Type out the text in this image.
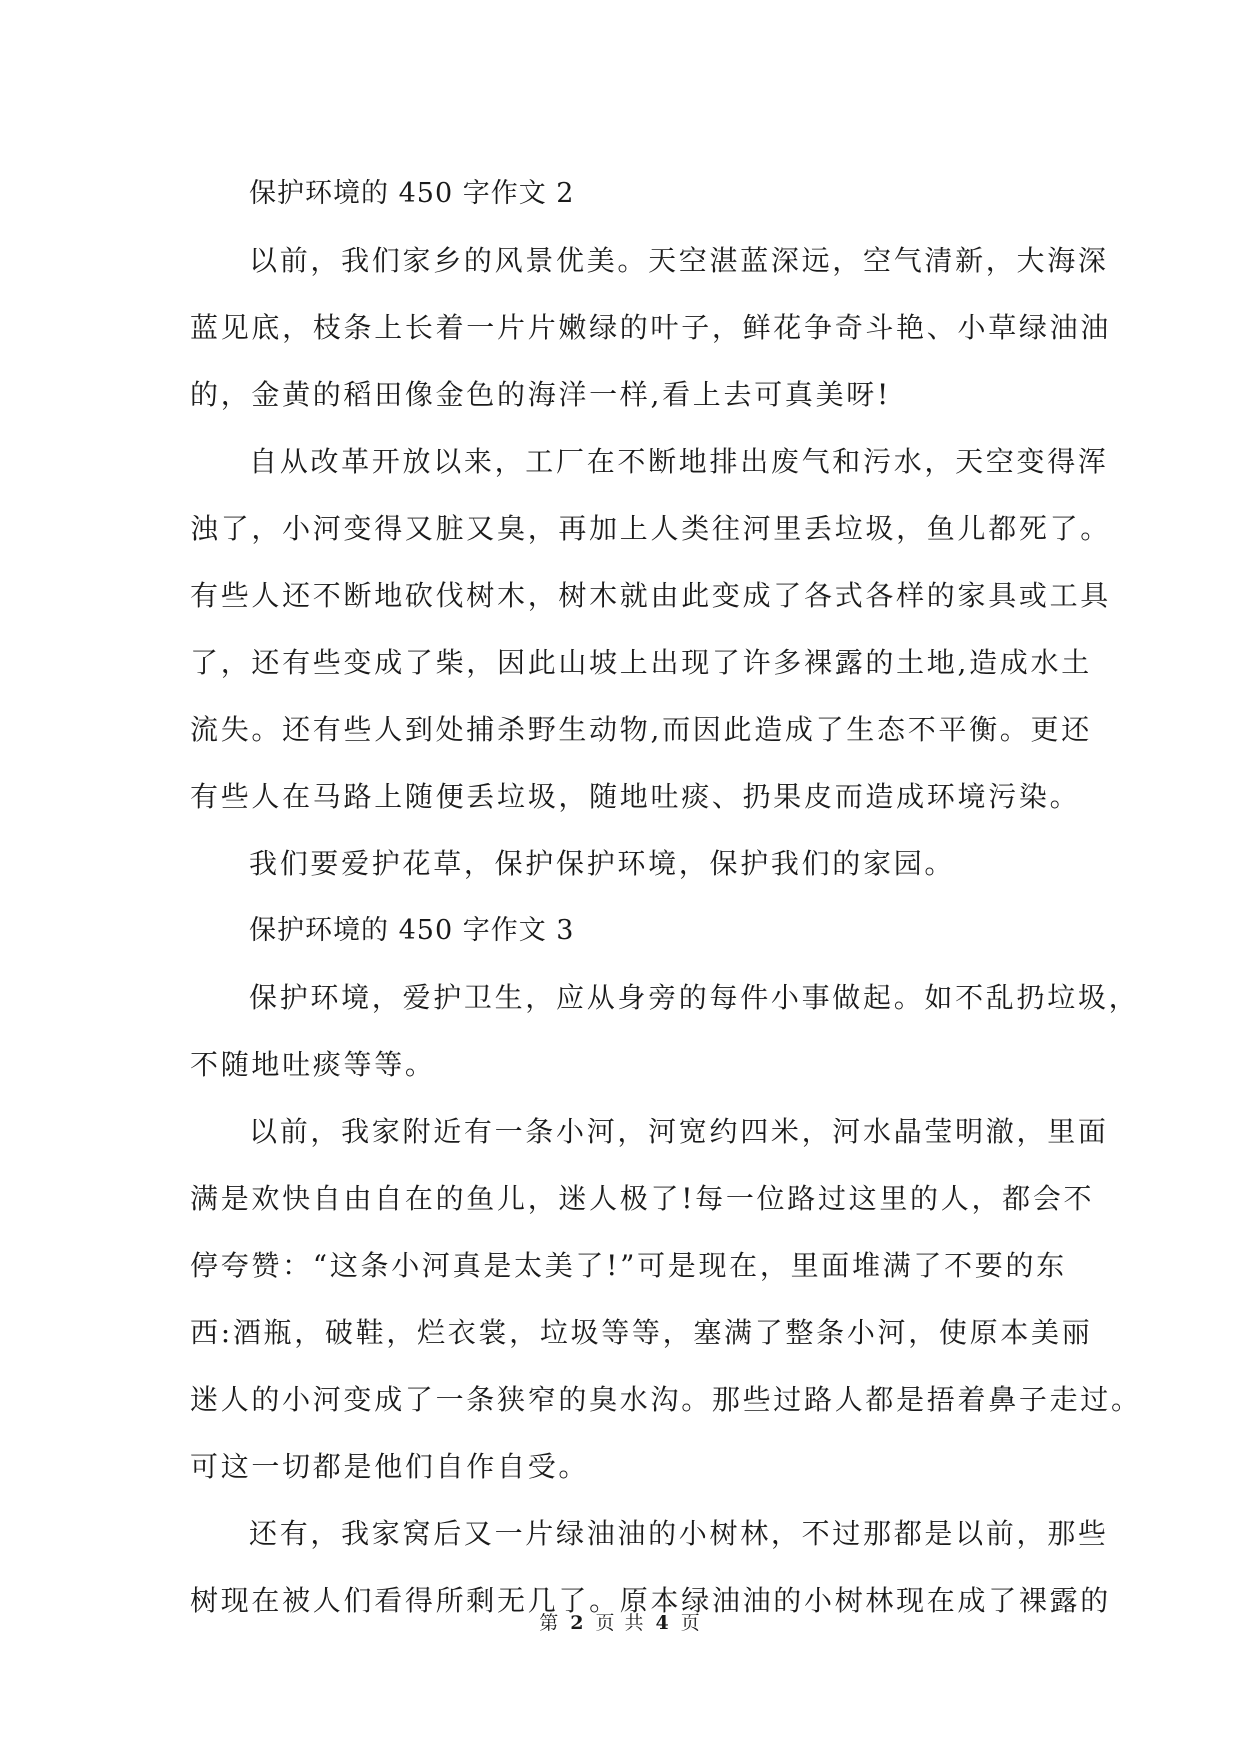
保护环境的 450 字作文 2
以前，我们家乡的风景优美。天空湛蓝深远，空气清新，大海深
蓝见底，枝条上长着一片片嫩绿的叶子，鲜花争奇斗艳、小草绿油油
的，金黄的稻田像金色的海洋一样,看上去可真美呀!
自从改革开放以来，工厂在不断地排出废气和污水，天空变得浑
浊了，小河变得又脏又臭，再加上人类往河里丢垃圾，鱼儿都死了。
有些人还不断地砍伐树木，树木就由此变成了各式各样的家具或工具
了，还有些变成了柴，因此山坡上出现了许多裸露的土地,造成水土
流失。还有些人到处捕杀野生动物,而因此造成了生态不平衡。更还
有些人在马路上随便丢垃圾，随地吐痰、扔果皮而造成环境污染。
我们要爱护花草，保护保护环境，保护我们的家园。
保护环境的 450 字作文 3
保护环境，爱护卫生，应从身旁的每件小事做起。如不乱扔垃圾，
不随地吐痰等等。
以前，我家附近有一条小河，河宽约四米，河水晶莹明澈，里面
满是欢快自由自在的鱼儿，迷人极了!每一位路过这里的人，都会不
停夸赞：“这条小河真是太美了!”可是现在，里面堆满了不要的东
西:酒瓶，破鞋，烂衣裳，垃圾等等，塞满了整条小河，使原本美丽
迷人的小河变成了一条狭窄的臭水沟。那些过路人都是捂着鼻子走过。
可这一切都是他们自作自受。
还有，我家窝后又一片绿油油的小树林，不过那都是以前，那些
树现在被人们看得所剩无几了。原本绿油油的小树林现在成了裸露的
第 2 页 共 4 页
